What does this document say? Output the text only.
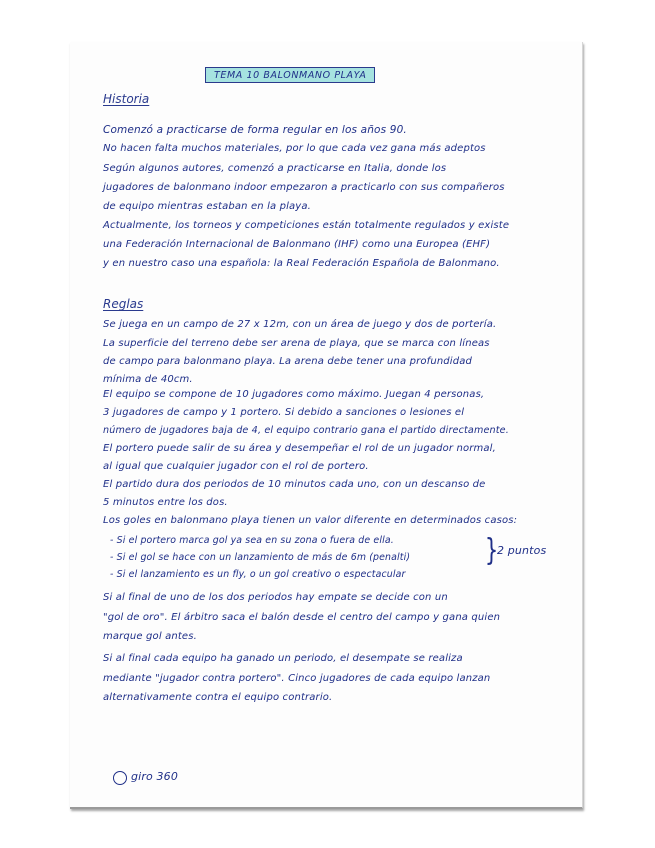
TEMA 10 BALONMANO PLAYA
Historia
Comenzó a practicarse de forma regular en los años 90.
No hacen falta muchos materiales, por lo que cada vez gana más adeptos
Según algunos autores, comenzó a practicarse en Italia, donde los
jugadores de balonmano indoor empezaron a practicarlo con sus compañeros
de equipo mientras estaban en la playa.
Actualmente, los torneos y competiciones están totalmente regulados y existe
una Federación Internacional de Balonmano (IHF) como una Europea (EHF)
y en nuestro caso una española: la Real Federación Española de Balonmano.
Reglas
Se juega en un campo de 27 x 12m, con un área de juego y dos de portería.
La superficie del terreno debe ser arena de playa, que se marca con líneas
de campo para balonmano playa. La arena debe tener una profundidad
mínima de 40cm.
El equipo se compone de 10 jugadores como máximo. Juegan 4 personas,
3 jugadores de campo y 1 portero. Si debido a sanciones o lesiones el
número de jugadores baja de 4, el equipo contrario gana el partido directamente.
El portero puede salir de su área y desempeñar el rol de un jugador normal,
al igual que cualquier jugador con el rol de portero.
El partido dura dos periodos de 10 minutos cada uno, con un descanso de
5 minutos entre los dos.
Los goles en balonmano playa tienen un valor diferente en determinados casos:
- Si el portero marca gol ya sea en su zona o fuera de ella.
- Si el gol se hace con un lanzamiento de más de 6m (penalti)
- Si el lanzamiento es un fly, o un gol creativo o espectacular
}
2 puntos
Si al final de uno de los dos periodos hay empate se decide con un
"gol de oro". El árbitro saca el balón desde el centro del campo y gana quien
marque gol antes.
Si al final cada equipo ha ganado un periodo, el desempate se realiza
mediante "jugador contra portero". Cinco jugadores de cada equipo lanzan
alternativamente contra el equipo contrario.
giro 360
